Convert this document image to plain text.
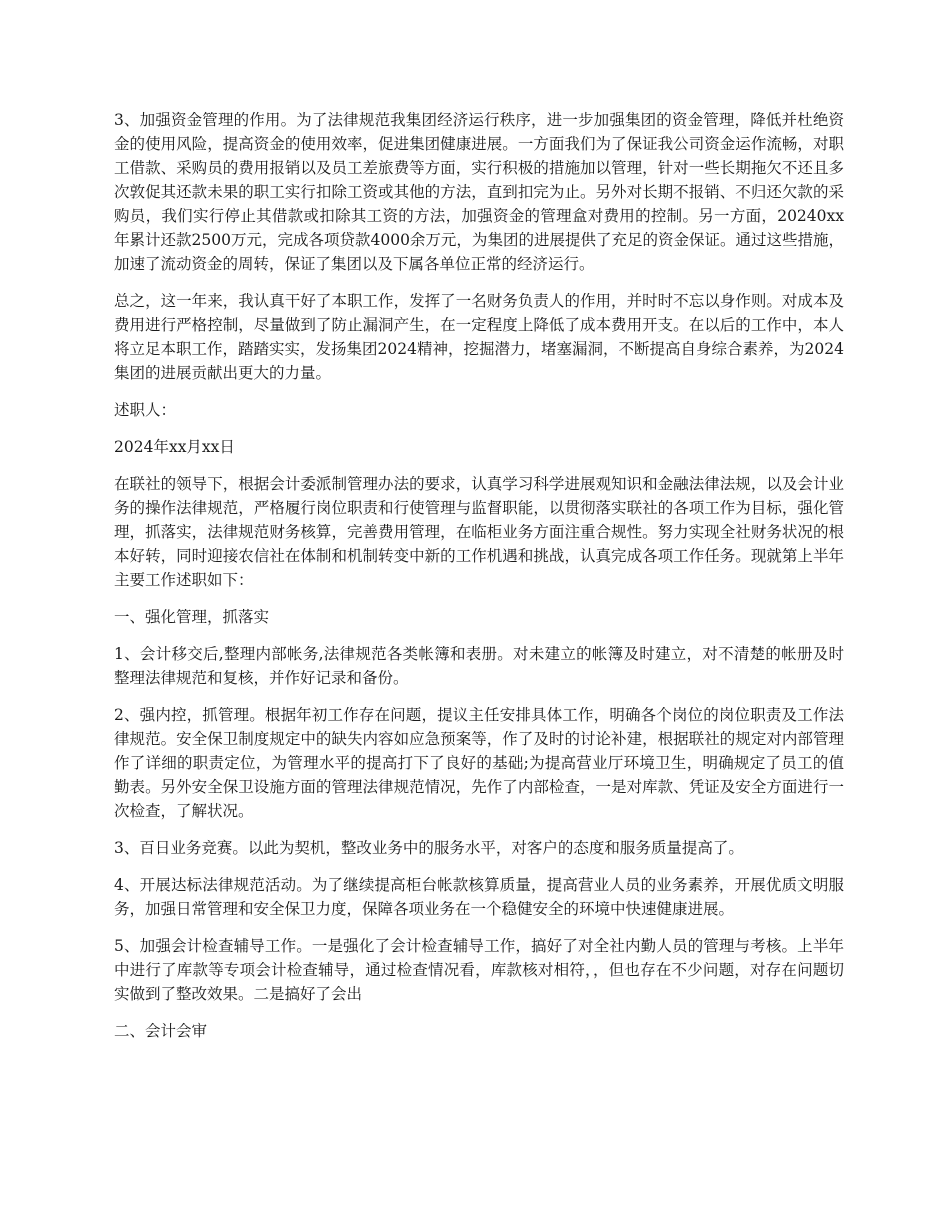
3、加强资金管理的作用。为了法律规范我集团经济运行秩序，进一步加强集团的资金管理，降低并杜绝资金的使用风险，提高资金的使用效率，促进集团健康进展。一方面我们为了保证我公司资金运作流畅，对职工借款、采购员的费用报销以及员工差旅费等方面，实行积极的措施加以管理，针对一些长期拖欠不还且多次敦促其还款未果的职工实行扣除工资或其他的方法，直到扣完为止。另外对长期不报销、不归还欠款的采购员，我们实行停止其借款或扣除其工资的方法，加强资金的管理盒对费用的控制。另一方面，20240xx年累计还款2500万元，完成各项贷款4000余万元，为集团的进展提供了充足的资金保证。通过这些措施，加速了流动资金的周转，保证了集团以及下属各单位正常的经济运行。

总之，这一年来，我认真干好了本职工作，发挥了一名财务负责人的作用，并时时不忘以身作则。对成本及费用进行严格控制，尽量做到了防止漏洞产生，在一定程度上降低了成本费用开支。在以后的工作中，本人将立足本职工作，踏踏实实，发扬集团2024精神，挖掘潜力，堵塞漏洞，不断提高自身综合素养，为2024集团的进展贡献出更大的力量。

述职人：

2024年xx月xx日

在联社的领导下，根据会计委派制管理办法的要求，认真学习科学进展观知识和金融法律法规，以及会计业务的操作法律规范，严格履行岗位职责和行使管理与监督职能，以贯彻落实联社的各项工作为目标，强化管理，抓落实，法律规范财务核算，完善费用管理，在临柜业务方面注重合规性。努力实现全社财务状况的根本好转，同时迎接农信社在体制和机制转变中新的工作机遇和挑战，认真完成各项工作任务。现就第上半年主要工作述职如下：

一、强化管理，抓落实

1、会计移交后,整理内部帐务,法律规范各类帐簿和表册。对未建立的帐簿及时建立，对不清楚的帐册及时整理法律规范和复核，并作好记录和备份。

2、强内控，抓管理。根据年初工作存在问题，提议主任安排具体工作，明确各个岗位的岗位职责及工作法律规范。安全保卫制度规定中的缺失内容如应急预案等，作了及时的讨论补建，根据联社的规定对内部管理作了详细的职责定位，为管理水平的提高打下了良好的基础;为提高营业厅环境卫生，明确规定了员工的值勤表。另外安全保卫设施方面的管理法律规范情况，先作了内部检查，一是对库款、凭证及安全方面进行一次检查，了解状况。

3、百日业务竞赛。以此为契机，整改业务中的服务水平，对客户的态度和服务质量提高了。

4、开展达标法律规范活动。为了继续提高柜台帐款核算质量，提高营业人员的业务素养，开展优质文明服务，加强日常管理和安全保卫力度，保障各项业务在一个稳健安全的环境中快速健康进展。

5、加强会计检查辅导工作。一是强化了会计检查辅导工作，搞好了对全社内勤人员的管理与考核。上半年中进行了库款等专项会计检查辅导，通过检查情况看，库款核对相符，，但也存在不少问题，对存在问题切实做到了整改效果。二是搞好了会出

二、会计会审
